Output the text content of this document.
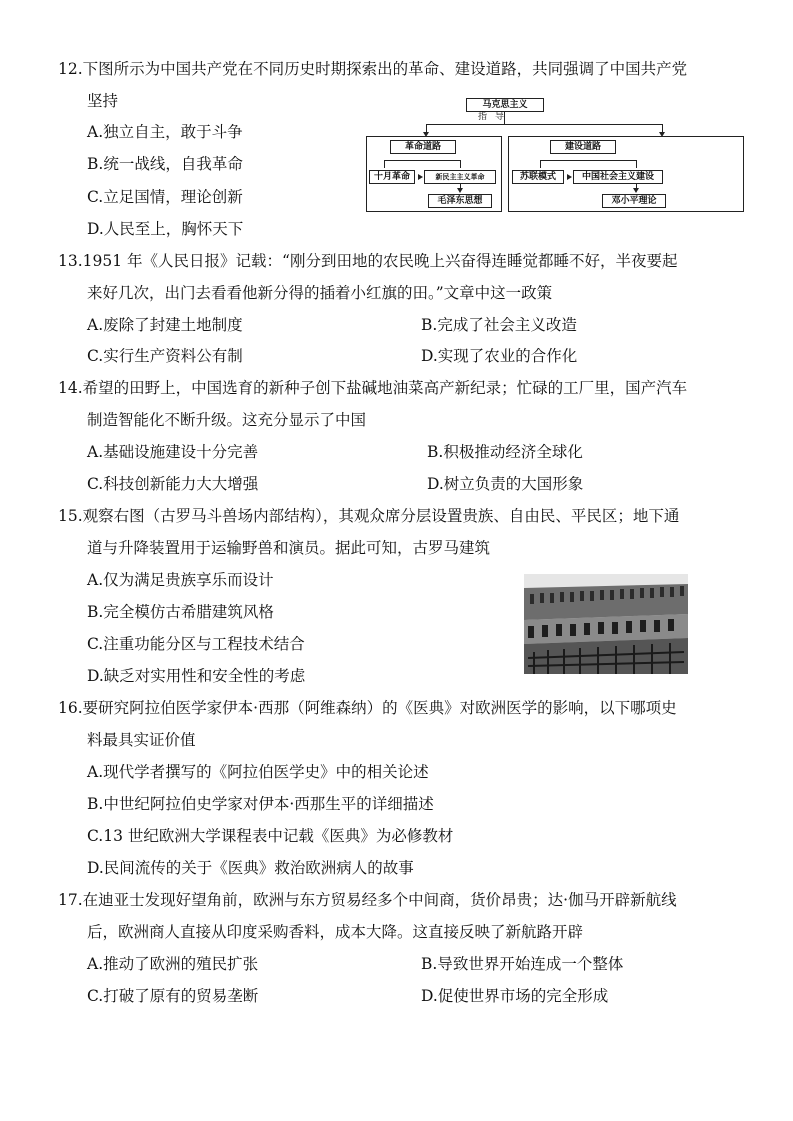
12.下图所示为中国共产党在不同历史时期探索出的革命、建设道路，共同强调了中国共产党
坚持
A.独立自主，敢于斗争
B.统一战线，自我革命
C.立足国情，理论创新
D.人民至上，胸怀天下
马克思主义
指导
革命道路
十月革命	新民主主义革命
毛泽东思想
建设道路
苏联模式	中国社会主义建设
邓小平理论
13.1951 年《人民日报》记载：“刚分到田地的农民晚上兴奋得连睡觉都睡不好，半夜要起
来好几次，出门去看看他新分得的插着小红旗的田。”文章中这一政策
A.废除了封建土地制度	B.完成了社会主义改造
C.实行生产资料公有制	D.实现了农业的合作化
14.希望的田野上，中国选育的新种子创下盐碱地油菜高产新纪录；忙碌的工厂里，国产汽车
制造智能化不断升级。这充分显示了中国
A.基础设施建设十分完善	B.积极推动经济全球化
C.科技创新能力大大增强	D.树立负责的大国形象
15.观察右图（古罗马斗兽场内部结构），其观众席分层设置贵族、自由民、平民区；地下通
道与升降装置用于运输野兽和演员。据此可知，古罗马建筑
A.仅为满足贵族享乐而设计
B.完全模仿古希腊建筑风格
C.注重功能分区与工程技术结合
D.缺乏对实用性和安全性的考虑
16.要研究阿拉伯医学家伊本·西那（阿维森纳）的《医典》对欧洲医学的影响，以下哪项史
料最具实证价值
A.现代学者撰写的《阿拉伯医学史》中的相关论述
B.中世纪阿拉伯史学家对伊本·西那生平的详细描述
C.13 世纪欧洲大学课程表中记载《医典》为必修教材
D.民间流传的关于《医典》救治欧洲病人的故事
17.在迪亚士发现好望角前，欧洲与东方贸易经多个中间商，货价昂贵；达·伽马开辟新航线
后，欧洲商人直接从印度采购香料，成本大降。这直接反映了新航路开辟
A.推动了欧洲的殖民扩张	B.导致世界开始连成一个整体
C.打破了原有的贸易垄断	D.促使世界市场的完全形成
